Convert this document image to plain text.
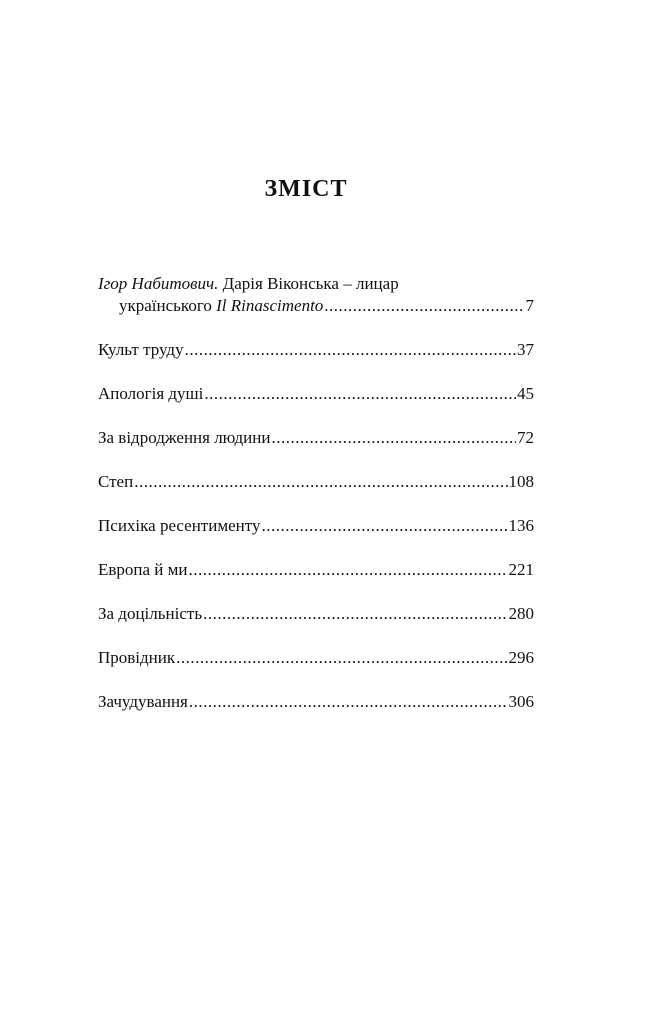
ЗМІСТ
Ігор Набитович. Дарія Віконська – лицар
українського Il Rinascimento .....	7
Культ труду .....	37
Апологія душі .....	45
За відродження людини .....	72
Степ .....	108
Психіка ресентименту .....	136
Европа й ми .....	221
За доцільність .....	280
Провідник .....	296
Зачудування .....	306
